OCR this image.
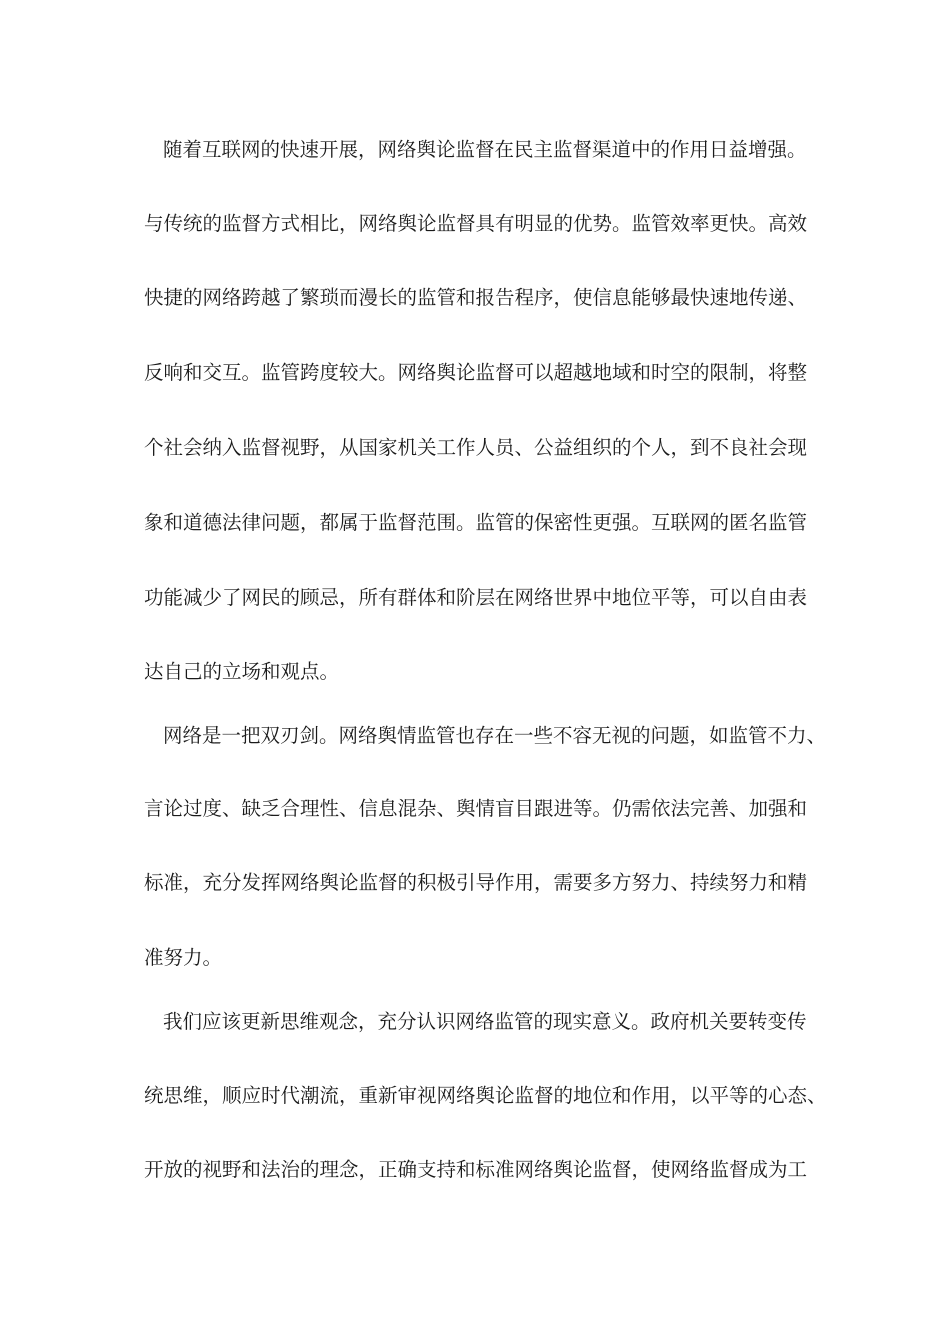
随着互联网的快速开展，网络舆论监督在民主监督渠道中的作用日益增强。
与传统的监督方式相比，网络舆论监督具有明显的优势。监管效率更快。高效
快捷的网络跨越了繁琐而漫长的监管和报告程序，使信息能够最快速地传递、
反响和交互。监管跨度较大。网络舆论监督可以超越地域和时空的限制，将整
个社会纳入监督视野，从国家机关工作人员、公益组织的个人，到不良社会现
象和道德法律问题，都属于监督范围。监管的保密性更强。互联网的匿名监管
功能减少了网民的顾忌，所有群体和阶层在网络世界中地位平等，可以自由表
达自己的立场和观点。
网络是一把双刃剑。网络舆情监管也存在一些不容无视的问题，如监管不力、
言论过度、缺乏合理性、信息混杂、舆情盲目跟进等。仍需依法完善、加强和
标准，充分发挥网络舆论监督的积极引导作用，需要多方努力、持续努力和精
准努力。
我们应该更新思维观念，充分认识网络监管的现实意义。政府机关要转变传
统思维，顺应时代潮流，重新审视网络舆论监督的地位和作用，以平等的心态、
开放的视野和法治的理念，正确支持和标准网络舆论监督，使网络监督成为工
